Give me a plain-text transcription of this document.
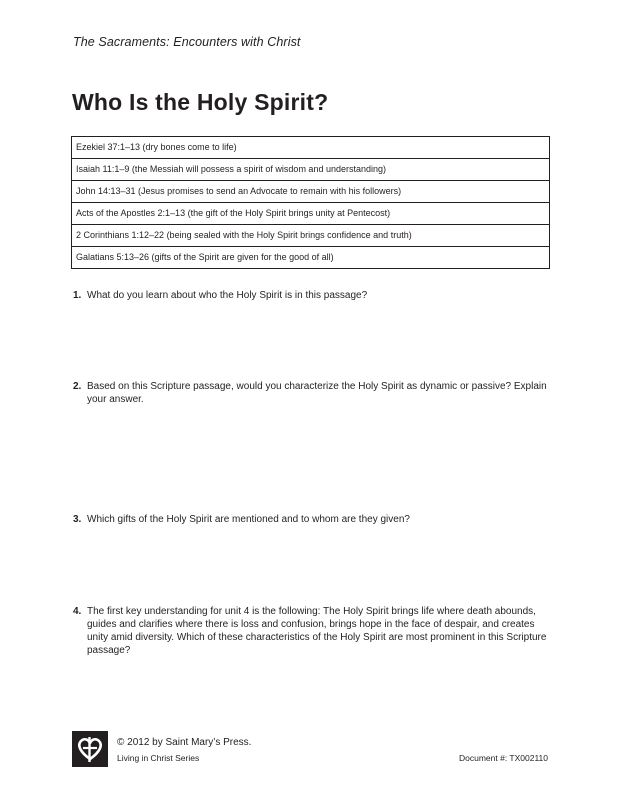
The Sacraments: Encounters with Christ
Who Is the Holy Spirit?
Ezekiel 37:1–13 (dry bones come to life)
Isaiah 11:1–9 (the Messiah will possess a spirit of wisdom and understanding)
John 14:13–31 (Jesus promises to send an Advocate to remain with his followers)
Acts of the Apostles 2:1–13 (the gift of the Holy Spirit brings unity at Pentecost)
2 Corinthians 1:12–22 (being sealed with the Holy Spirit brings confidence and truth)
Galatians 5:13–26 (gifts of the Spirit are given for the good of all)
1. What do you learn about who the Holy Spirit is in this passage?
2. Based on this Scripture passage, would you characterize the Holy Spirit as dynamic or passive? Explain your answer.
3. Which gifts of the Holy Spirit are mentioned and to whom are they given?
4. The first key understanding for unit 4 is the following: The Holy Spirit brings life where death abounds, guides and clarifies where there is loss and confusion, brings hope in the face of despair, and creates unity amid diversity. Which of these characteristics of the Holy Spirit are most prominent in this Scripture passage?
© 2012 by Saint Mary’s Press.
Living in Christ Series	Document #: TX002110
